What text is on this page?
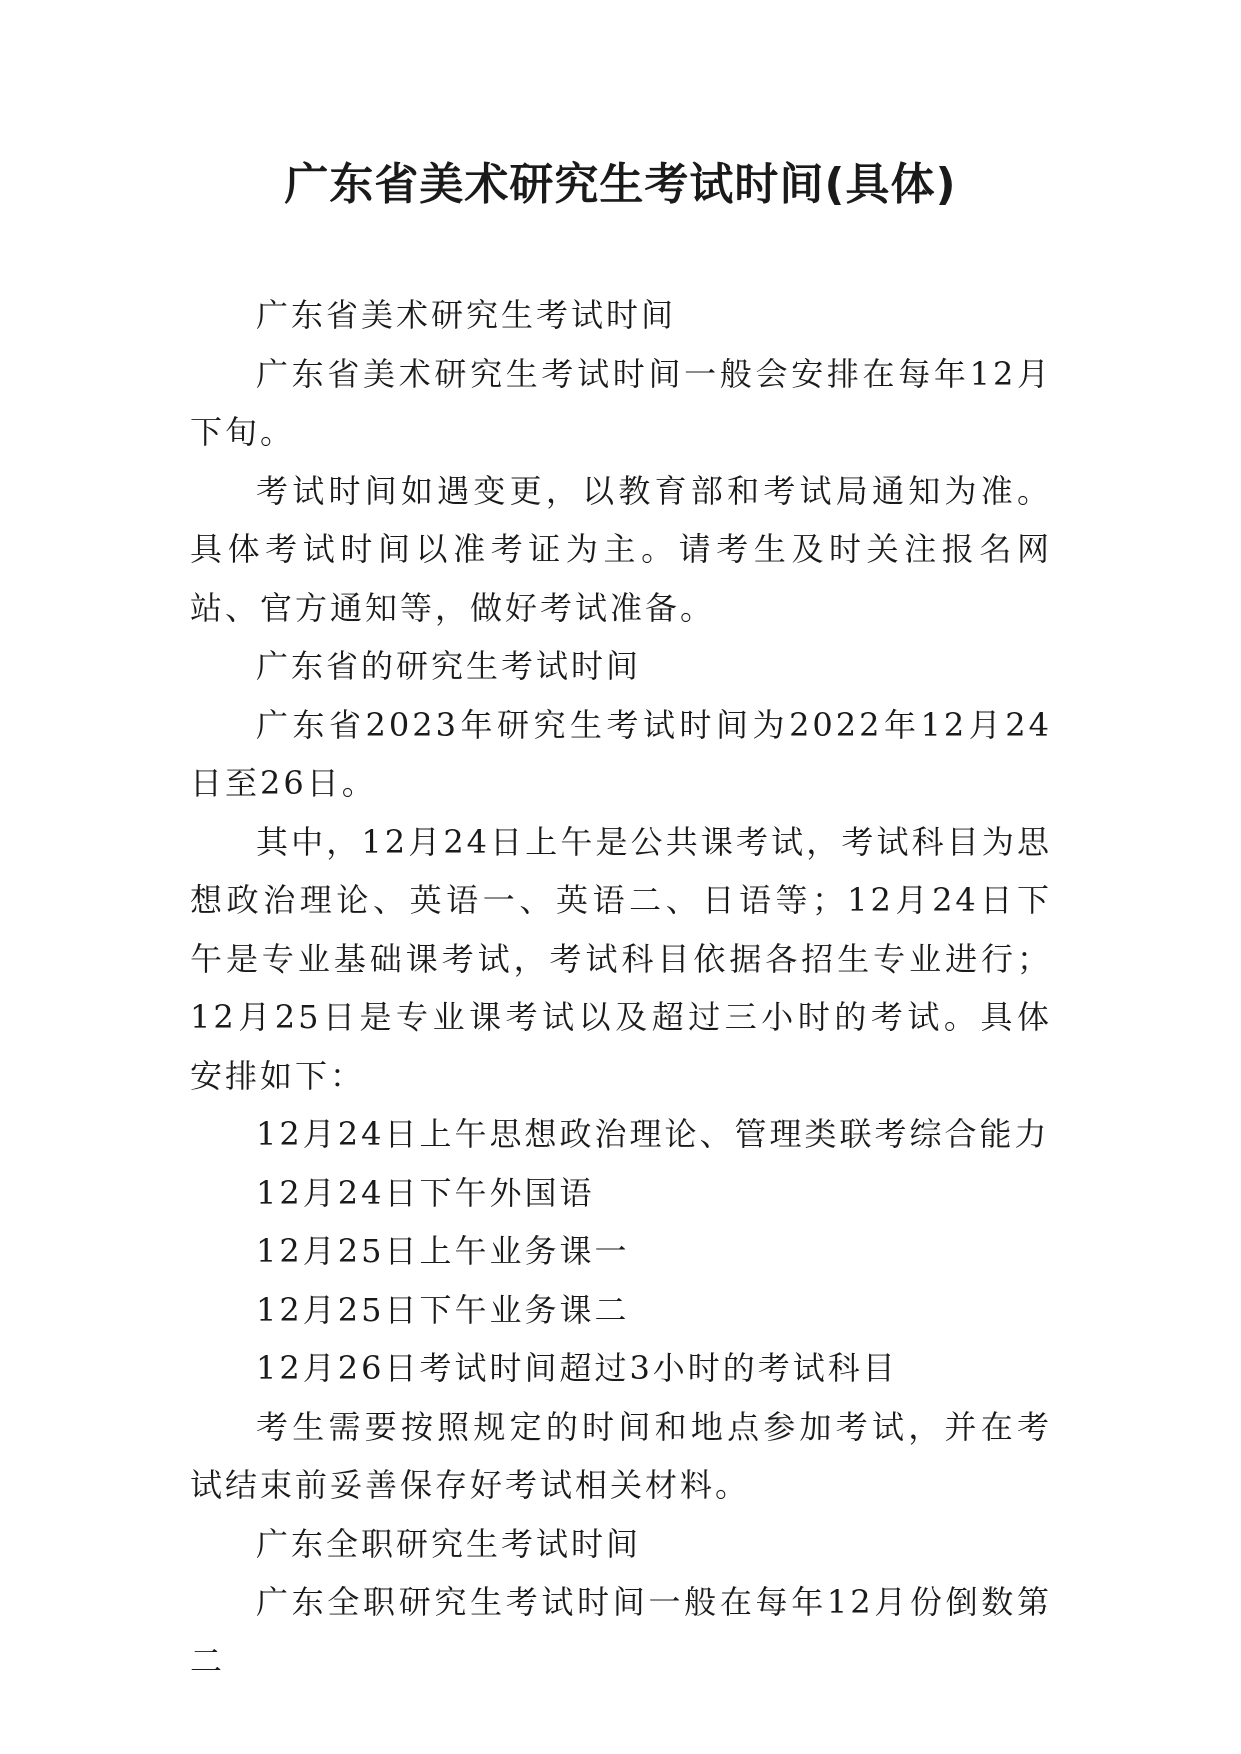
广东省美术研究生考试时间(具体)

广东省美术研究生考试时间

广东省美术研究生考试时间一般会安排在每年12月下旬。

考试时间如遇变更，以教育部和考试局通知为准。具体考试时间以准考证为主。请考生及时关注报名网站、官方通知等，做好考试准备。

广东省的研究生考试时间

广东省2023年研究生考试时间为2022年12月24日至26日。

其中，12月24日上午是公共课考试，考试科目为思想政治理论、英语一、英语二、日语等；12月24日下午是专业基础课考试，考试科目依据各招生专业进行；12月25日是专业课考试以及超过三小时的考试。具体安排如下：

12月24日上午思想政治理论、管理类联考综合能力

12月24日下午外国语

12月25日上午业务课一

12月25日下午业务课二

12月26日考试时间超过3小时的考试科目

考生需要按照规定的时间和地点参加考试，并在考试结束前妥善保存好考试相关材料。

广东全职研究生考试时间

广东全职研究生考试时间一般在每年12月份倒数第二
